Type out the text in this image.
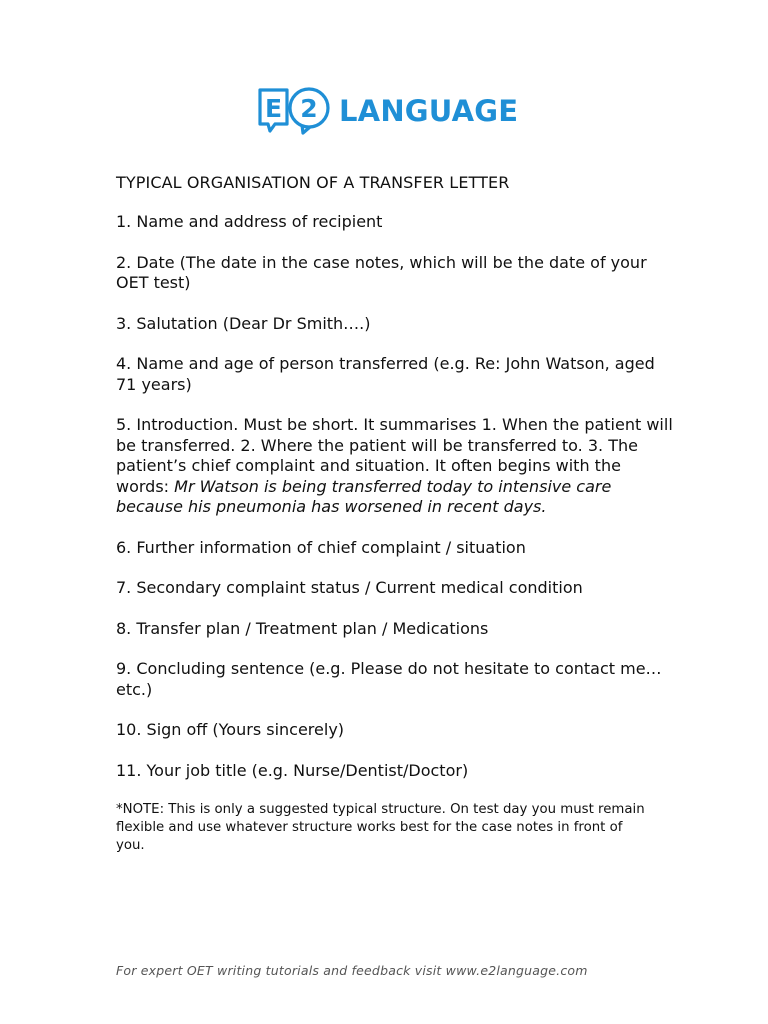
E 2 LANGUAGE

TYPICAL ORGANISATION OF A TRANSFER LETTER

1. Name and address of recipient

2. Date (The date in the case notes, which will be the date of your OET test)

3. Salutation (Dear Dr Smith….)

4. Name and age of person transferred (e.g. Re: John Watson, aged 71 years)

5. Introduction. Must be short. It summarises 1. When the patient will be transferred. 2. Where the patient will be transferred to. 3. The patient’s chief complaint and situation. It often begins with the words: Mr Watson is being transferred today to intensive care because his pneumonia has worsened in recent days.

6. Further information of chief complaint / situation

7. Secondary complaint status / Current medical condition

8. Transfer plan / Treatment plan / Medications

9. Concluding sentence (e.g. Please do not hesitate to contact me… etc.)

10. Sign off (Yours sincerely)

11. Your job title (e.g. Nurse/Dentist/Doctor)

*NOTE: This is only a suggested typical structure. On test day you must remain flexible and use whatever structure works best for the case notes in front of you.

For expert OET writing tutorials and feedback visit www.e2language.com
